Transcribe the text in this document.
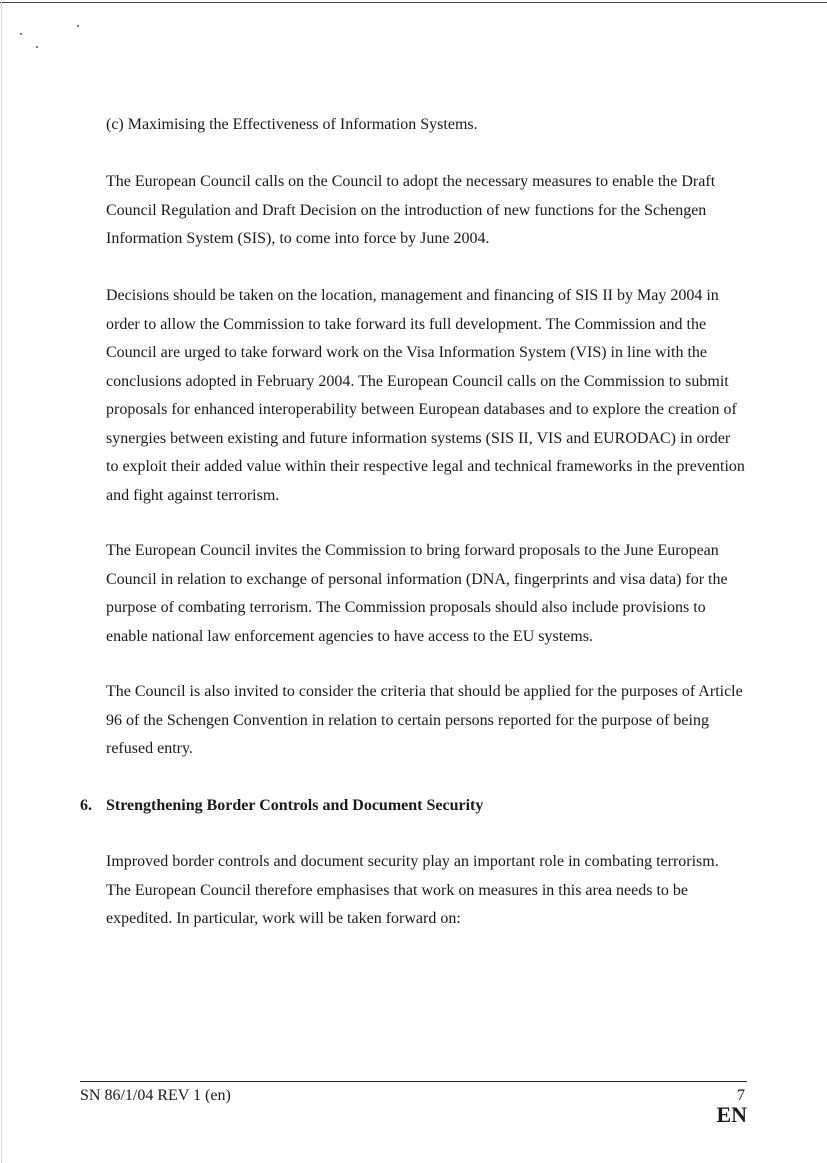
(c) Maximising the Effectiveness of Information Systems.

The European Council calls on the Council to adopt the necessary measures to enable the Draft Council Regulation and Draft Decision on the introduction of new functions for the Schengen Information System (SIS), to come into force by June 2004.

Decisions should be taken on the location, management and financing of SIS II by May 2004 in order to allow the Commission to take forward its full development. The Commission and the Council are urged to take forward work on the Visa Information System (VIS) in line with the conclusions adopted in February 2004. The European Council calls on the Commission to submit proposals for enhanced interoperability between European databases and to explore the creation of synergies between existing and future information systems (SIS II, VIS and EURODAC) in order to exploit their added value within their respective legal and technical frameworks in the prevention and fight against terrorism.

The European Council invites the Commission to bring forward proposals to the June European Council in relation to exchange of personal information (DNA, fingerprints and visa data) for the purpose of combating terrorism. The Commission proposals should also include provisions to enable national law enforcement agencies to have access to the EU systems.

The Council is also invited to consider the criteria that should be applied for the purposes of Article 96 of the Schengen Convention in relation to certain persons reported for the purpose of being refused entry.

6. Strengthening Border Controls and Document Security

Improved border controls and document security play an important role in combating terrorism. The European Council therefore emphasises that work on measures in this area needs to be expedited. In particular, work will be taken forward on:

SN 86/1/04 REV 1 (en)	7
EN
